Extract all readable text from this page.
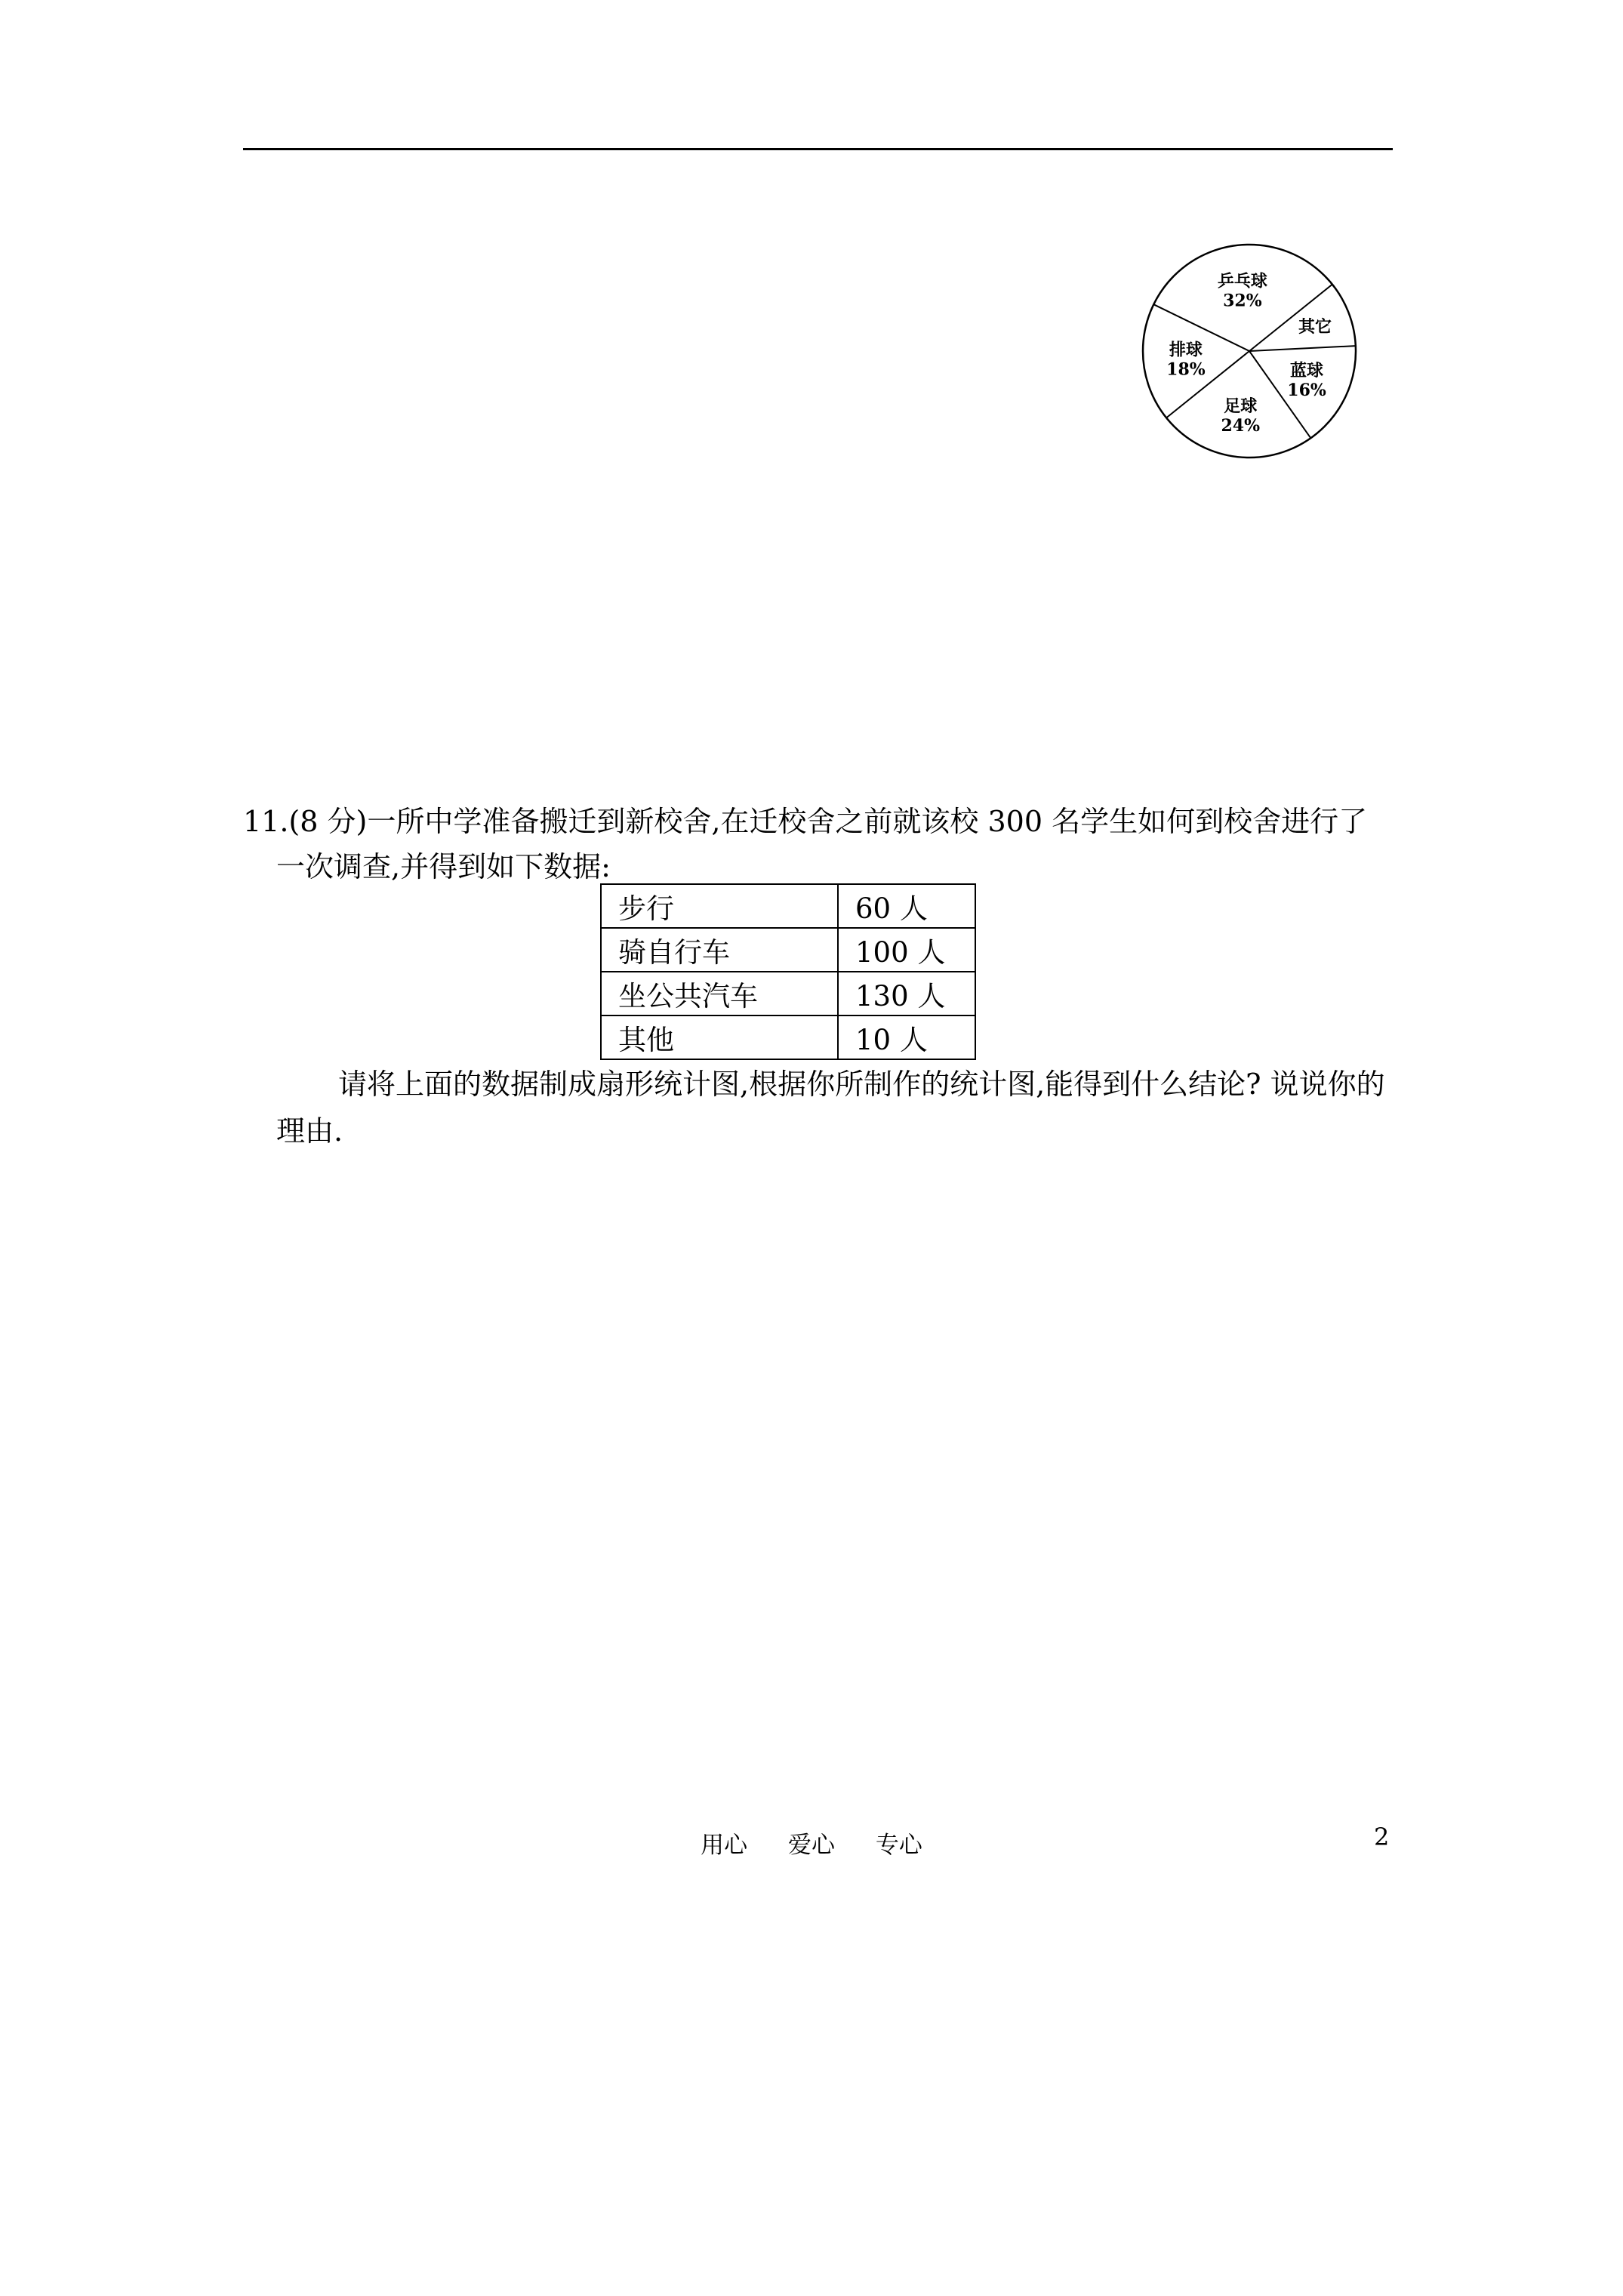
乒乓球
32%
其它
蓝球
16%
足球
24%
排球
18%

11.(8 分)一所中学准备搬迁到新校舍,在迁校舍之前就该校 300 名学生如何到校舍进行了

一次调查,并得到如下数据:

步行	60 人
骑自行车	100 人
坐公共汽车	130 人
其他	10 人

请将上面的数据制成扇形统计图,根据你所制作的统计图,能得到什么结论? 说说你的

理由.

用心 爱心 专心	2
